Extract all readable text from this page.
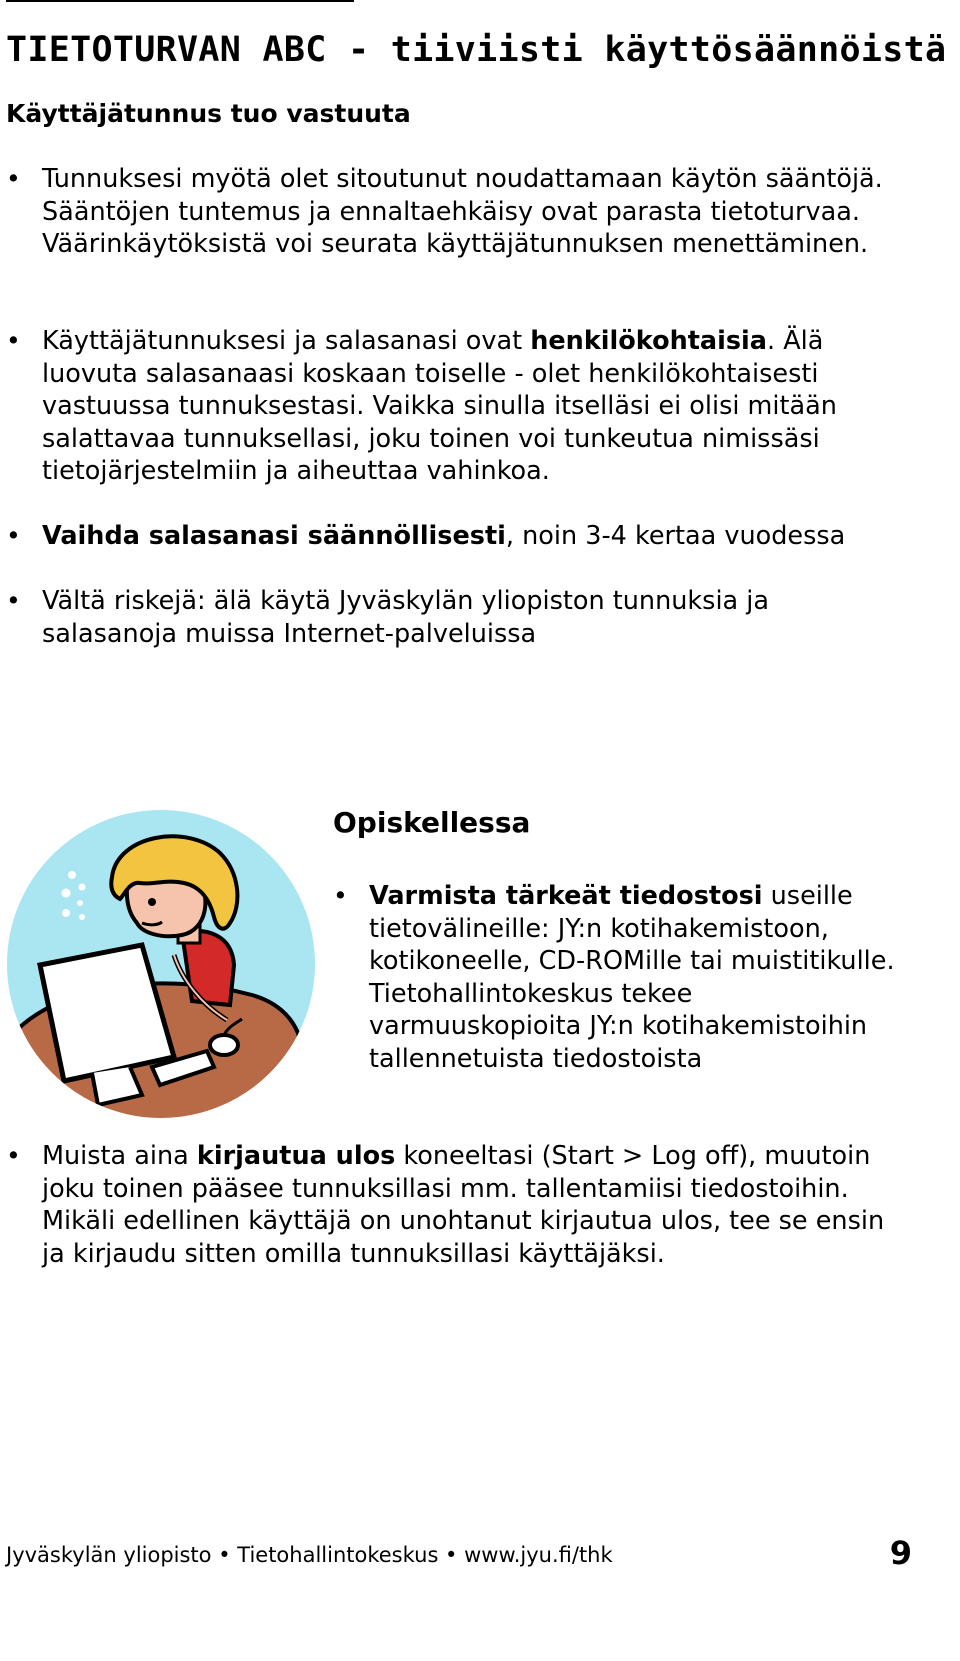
TIETOTURVAN ABC - tiiviisti käyttösäännöistä
Käyttäjätunnus tuo vastuuta

• Tunnuksesi myötä olet sitoutunut noudattamaan käytön sääntöjä. Sääntöjen tuntemus ja ennaltaehkäisy ovat parasta tietoturvaa. Väärinkäytöksistä voi seurata käyttäjätunnuksen menettäminen.

• Käyttäjätunnuksesi ja salasanasi ovat henkilökohtaisia. Älä luovuta salasanaasi koskaan toiselle - olet henkilökohtaisesti vastuussa tunnuksestasi. Vaikka sinulla itselläsi ei olisi mitään salattavaa tunnuksellasi, joku toinen voi tunkeutua nimissäsi tietojärjestelmiin ja aiheuttaa vahinkoa.

• Vaihda salasanasi säännöllisesti, noin 3-4 kertaa vuodessa

• Vältä riskejä: älä käytä Jyväskylän yliopiston tunnuksia ja salasanoja muissa Internet-palveluissa

Opiskellessa

• Varmista tärkeät tiedostosi useille tietovälineille: JY:n kotihakemistoon, kotikoneelle, CD-ROMille tai muistitikulle. Tietohallintokeskus tekee varmuuskopioita JY:n kotihakemistoihin tallennetuista tiedostoista

• Muista aina kirjautua ulos koneeltasi (Start > Log off), muutoin joku toinen pääsee tunnuksillasi mm. tallentamiisi tiedostoihin. Mikäli edellinen käyttäjä on unohtanut kirjautua ulos, tee se ensin ja kirjaudu sitten omilla tunnuksillasi käyttäjäksi.

Jyväskylän yliopisto • Tietohallintokeskus • www.jyu.fi/thk	9
